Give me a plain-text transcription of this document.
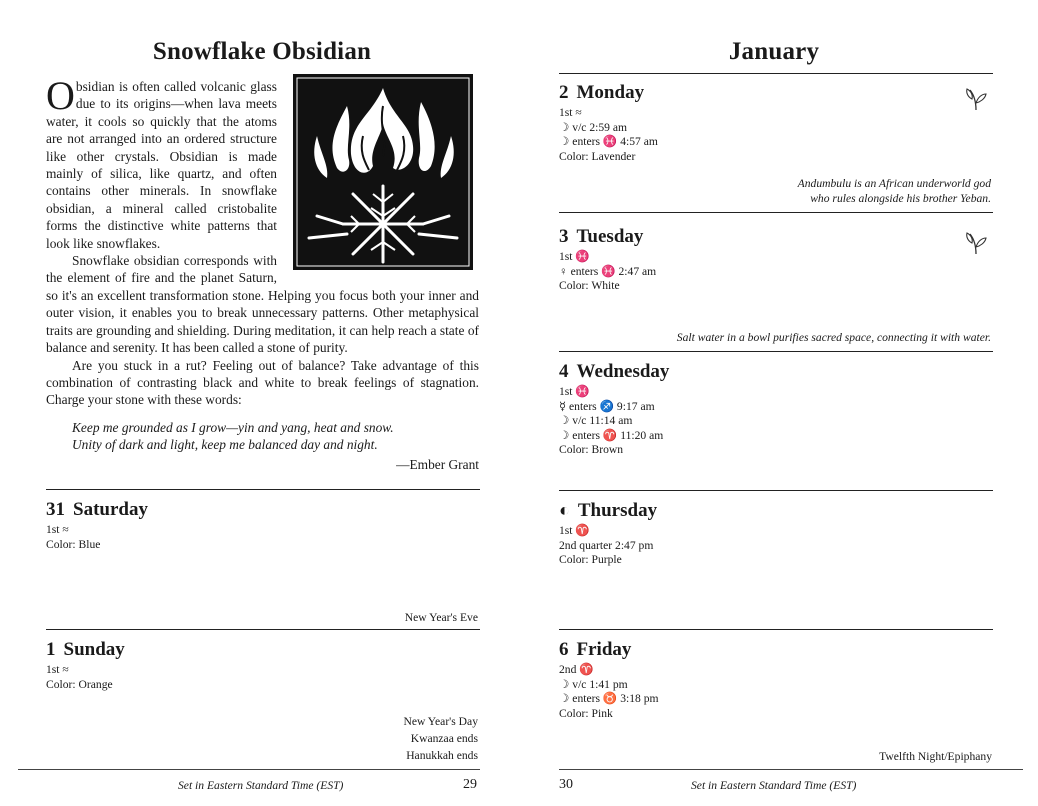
Snowflake Obsidian

Obsidian is often called volcanic glass due to its origins—when lava meets water, it cools so quickly that the atoms are not arranged into an ordered structure like other crystals. Obsidian is made mainly of silica, like quartz, and often contains other minerals. In snowflake obsidian, a mineral called cristobalite forms the distinctive white patterns that look like snowflakes.

Snowflake obsidian corresponds with the element of fire and the planet Saturn, so it's an excellent transformation stone. Helping you focus both your inner and outer vision, it enables you to break unnecessary patterns. Other metaphysical traits are grounding and shielding. During meditation, it can help reach a state of balance and serenity. It has been called a stone of purity.

Are you stuck in a rut? Feeling out of balance? Take advantage of this combination of contrasting black and white to break feelings of stagnation. Charge your stone with these words:

Keep me grounded as I grow—yin and yang, heat and snow.
Unity of dark and light, keep me balanced day and night.
—Ember Grant
31 Saturday
1st ≈
Color: Blue
New Year's Eve
1 Sunday
1st ≈
Color: Orange
New Year's Day
Kwanzaa ends
Hanukkah ends
Set in Eastern Standard Time (EST)	29
January
2 Monday
1st ≈
☽ v/c 2:59 am
☽ enters ♓ 4:57 am
Color: Lavender
Andumbulu is an African underworld god
who rules alongside his brother Yeban.
3 Tuesday
1st ♓
♀ enters ♓ 2:47 am
Color: White
Salt water in a bowl purifies sacred space, connecting it with water.
4 Wednesday
1st ♓
☿ enters ♐ 9:17 am
☽ v/c 11:14 am
☽ enters ♈ 11:20 am
Color: Brown
◐ Thursday
1st ♈
2nd quarter 2:47 pm
Color: Purple
6 Friday
2nd ♈
☽ v/c 1:41 pm
☽ enters ♉ 3:18 pm
Color: Pink
Twelfth Night/Epiphany
30	Set in Eastern Standard Time (EST)
